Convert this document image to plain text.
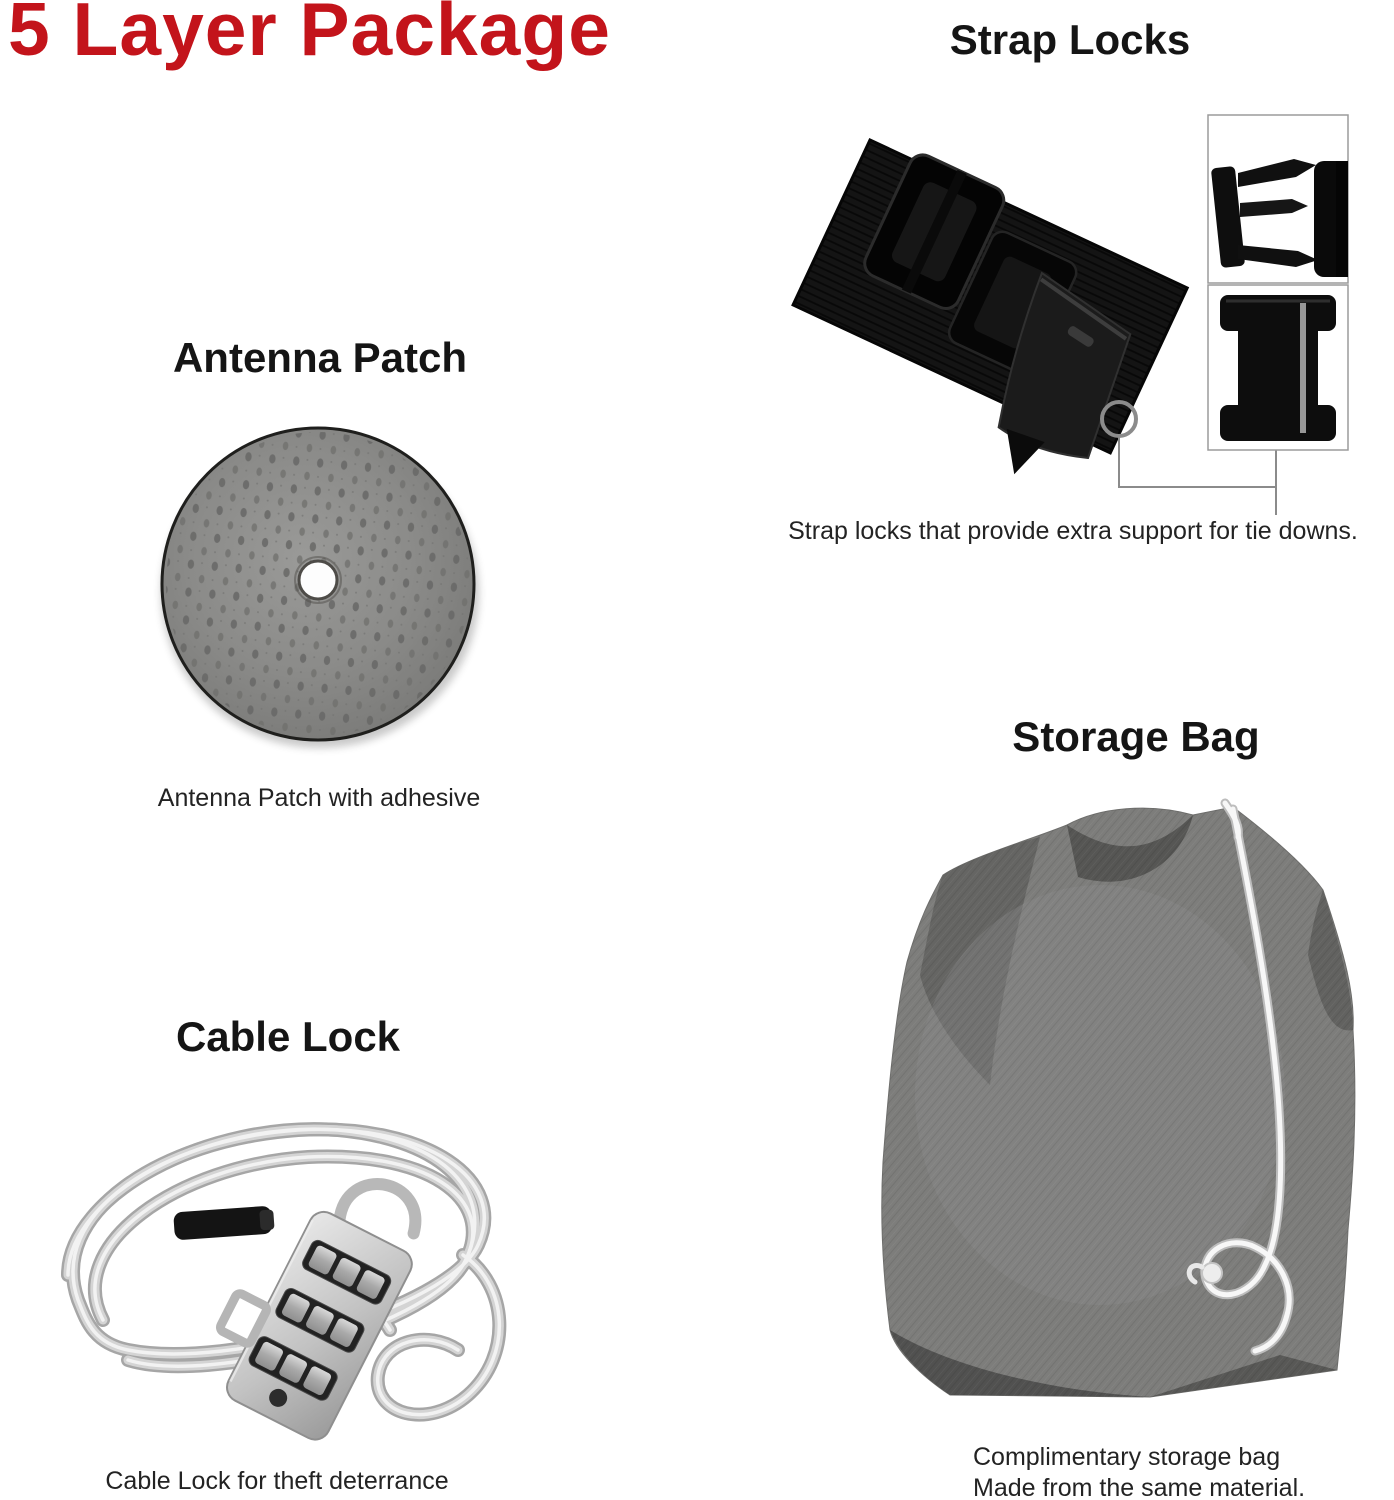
5 Layer Package	Strap Locks

Strap locks that provide extra support for tie downs.

Antenna Patch

Antenna Patch with adhesive

Cable Lock

Cable Lock for theft deterrance

Storage Bag

Complimentary storage bag
Made from the same material.
